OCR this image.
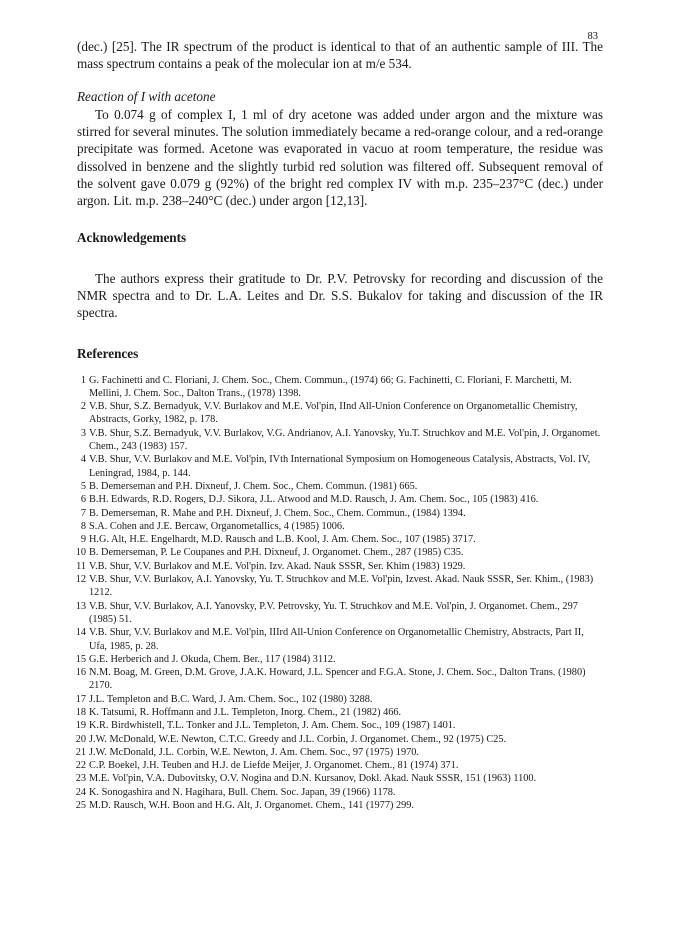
83

(dec.) [25]. The IR spectrum of the product is identical to that of an authentic sample of III. The mass spectrum contains a peak of the molecular ion at m/e 534.

Reaction of I with acetone

To 0.074 g of complex I, 1 ml of dry acetone was added under argon and the mixture was stirred for several minutes. The solution immediately became a red-orange colour, and a red-orange precipitate was formed. Acetone was evaporated in vacuo at room temperature, the residue was dissolved in benzene and the slightly turbid red solution was filtered off. Subsequent removal of the solvent gave 0.079 g (92%) of the bright red complex IV with m.p. 235–237°C (dec.) under argon. Lit. m.p. 238–240°C (dec.) under argon [12,13].

Acknowledgements

The authors express their gratitude to Dr. P.V. Petrovsky for recording and discussion of the NMR spectra and to Dr. L.A. Leites and Dr. S.S. Bukalov for taking and discussion of the IR spectra.

References
1 G. Fachinetti and C. Floriani, J. Chem. Soc., Chem. Commun., (1974) 66; G. Fachinetti, C. Floriani, F. Marchetti, M. Mellini, J. Chem. Soc., Dalton Trans., (1978) 1398.
2 V.B. Shur, S.Z. Bernadyuk, V.V. Burlakov and M.E. Vol'pin, IInd All-Union Conference on Organometallic Chemistry, Abstracts, Gorky, 1982, p. 178.
3 V.B. Shur, S.Z. Bernadyuk, V.V. Burlakov, V.G. Andrianov, A.I. Yanovsky, Yu.T. Struchkov and M.E. Vol'pin, J. Organomet. Chem., 243 (1983) 157.
4 V.B. Shur, V.V. Burlakov and M.E. Vol'pin, IVth International Symposium on Homogeneous Catalysis, Abstracts, Vol. IV, Leningrad, 1984, p. 144.
5 B. Demerseman and P.H. Dixneuf, J. Chem. Soc., Chem. Commun. (1981) 665.
6 B.H. Edwards, R.D. Rogers, D.J. Sikora, J.L. Atwood and M.D. Rausch, J. Am. Chem. Soc., 105 (1983) 416.
7 B. Demerseman, R. Mahe and P.H. Dixneuf, J. Chem. Soc., Chem. Commun., (1984) 1394.
8 S.A. Cohen and J.E. Bercaw, Organometallics, 4 (1985) 1006.
9 H.G. Alt, H.E. Engelhardt, M.D. Rausch and L.B. Kool, J. Am. Chem. Soc., 107 (1985) 3717.
10 B. Demerseman, P. Le Coupanes and P.H. Dixneuf, J. Organomet. Chem., 287 (1985) C35.
11 V.B. Shur, V.V. Burlakov and M.E. Vol'pin. Izv. Akad. Nauk SSSR, Ser. Khim (1983) 1929.
12 V.B. Shur, V.V. Burlakov, A.I. Yanovsky, Yu. T. Struchkov and M.E. Vol'pin, Izvest. Akad. Nauk SSSR, Ser. Khim., (1983) 1212.
13 V.B. Shur, V.V. Burlakov, A.I. Yanovsky, P.V. Petrovsky, Yu. T. Struchkov and M.E. Vol'pin, J. Organomet. Chem., 297 (1985) 51.
14 V.B. Shur, V.V. Burlakov and M.E. Vol'pin, IIIrd All-Union Conference on Organometallic Chemistry, Abstracts, Part II, Ufa, 1985, p. 28.
15 G.E. Herberich and J. Okuda, Chem. Ber., 117 (1984) 3112.
16 N.M. Boag, M. Green, D.M. Grove, J.A.K. Howard, J.L. Spencer and F.G.A. Stone, J. Chem. Soc., Dalton Trans. (1980) 2170.
17 J.L. Templeton and B.C. Ward, J. Am. Chem. Soc., 102 (1980) 3288.
18 K. Tatsumi, R. Hoffmann and J.L. Templeton, Inorg. Chem., 21 (1982) 466.
19 K.R. Birdwhistell, T.L. Tonker and J.L. Templeton, J. Am. Chem. Soc., 109 (1987) 1401.
20 J.W. McDonald, W.E. Newton, C.T.C. Greedy and J.L. Corbin, J. Organomet. Chem., 92 (1975) C25.
21 J.W. McDonald, J.L. Corbin, W.E. Newton, J. Am. Chem. Soc., 97 (1975) 1970.
22 C.P. Boekel, J.H. Teuben and H.J. de Liefde Meijer, J. Organomet. Chem., 81 (1974) 371.
23 M.E. Vol'pin, V.A. Dubovitsky, O.V. Nogina and D.N. Kursanov, Dokl. Akad. Nauk SSSR, 151 (1963) 1100.
24 K. Sonogashira and N. Hagihara, Bull. Chem. Soc. Japan, 39 (1966) 1178.
25 M.D. Rausch, W.H. Boon and H.G. Alt, J. Organomet. Chem., 141 (1977) 299.
